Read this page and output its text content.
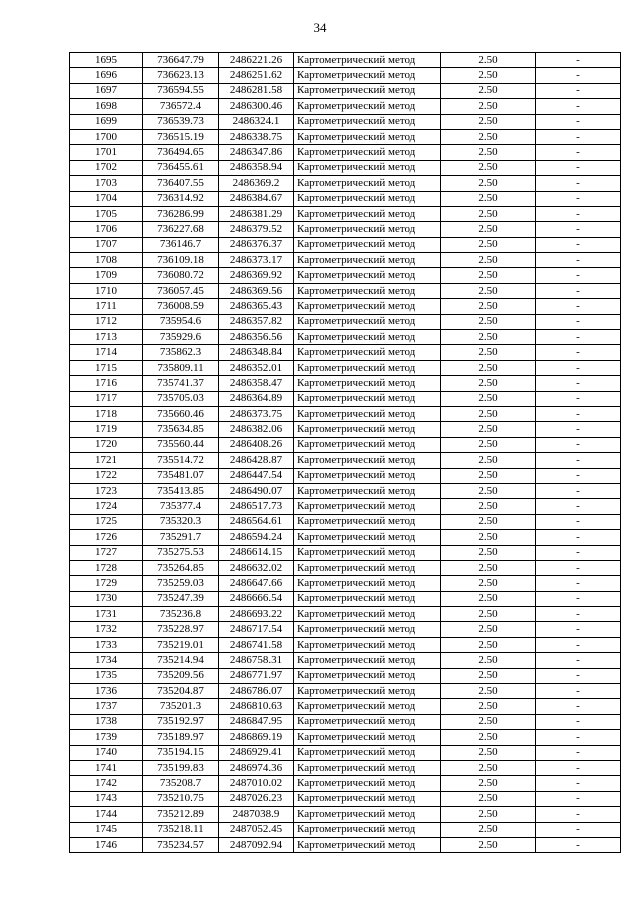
34
1695	736647.79	2486221.26	Картометрический метод	2.50	-
1696	736623.13	2486251.62	Картометрический метод	2.50	-
1697	736594.55	2486281.58	Картометрический метод	2.50	-
1698	736572.4	2486300.46	Картометрический метод	2.50	-
1699	736539.73	2486324.1	Картометрический метод	2.50	-
1700	736515.19	2486338.75	Картометрический метод	2.50	-
1701	736494.65	2486347.86	Картометрический метод	2.50	-
1702	736455.61	2486358.94	Картометрический метод	2.50	-
1703	736407.55	2486369.2	Картометрический метод	2.50	-
1704	736314.92	2486384.67	Картометрический метод	2.50	-
1705	736286.99	2486381.29	Картометрический метод	2.50	-
1706	736227.68	2486379.52	Картометрический метод	2.50	-
1707	736146.7	2486376.37	Картометрический метод	2.50	-
1708	736109.18	2486373.17	Картометрический метод	2.50	-
1709	736080.72	2486369.92	Картометрический метод	2.50	-
1710	736057.45	2486369.56	Картометрический метод	2.50	-
1711	736008.59	2486365.43	Картометрический метод	2.50	-
1712	735954.6	2486357.82	Картометрический метод	2.50	-
1713	735929.6	2486356.56	Картометрический метод	2.50	-
1714	735862.3	2486348.84	Картометрический метод	2.50	-
1715	735809.11	2486352.01	Картометрический метод	2.50	-
1716	735741.37	2486358.47	Картометрический метод	2.50	-
1717	735705.03	2486364.89	Картометрический метод	2.50	-
1718	735660.46	2486373.75	Картометрический метод	2.50	-
1719	735634.85	2486382.06	Картометрический метод	2.50	-
1720	735560.44	2486408.26	Картометрический метод	2.50	-
1721	735514.72	2486428.87	Картометрический метод	2.50	-
1722	735481.07	2486447.54	Картометрический метод	2.50	-
1723	735413.85	2486490.07	Картометрический метод	2.50	-
1724	735377.4	2486517.73	Картометрический метод	2.50	-
1725	735320.3	2486564.61	Картометрический метод	2.50	-
1726	735291.7	2486594.24	Картометрический метод	2.50	-
1727	735275.53	2486614.15	Картометрический метод	2.50	-
1728	735264.85	2486632.02	Картометрический метод	2.50	-
1729	735259.03	2486647.66	Картометрический метод	2.50	-
1730	735247.39	2486666.54	Картометрический метод	2.50	-
1731	735236.8	2486693.22	Картометрический метод	2.50	-
1732	735228.97	2486717.54	Картометрический метод	2.50	-
1733	735219.01	2486741.58	Картометрический метод	2.50	-
1734	735214.94	2486758.31	Картометрический метод	2.50	-
1735	735209.56	2486771.97	Картометрический метод	2.50	-
1736	735204.87	2486786.07	Картометрический метод	2.50	-
1737	735201.3	2486810.63	Картометрический метод	2.50	-
1738	735192.97	2486847.95	Картометрический метод	2.50	-
1739	735189.97	2486869.19	Картометрический метод	2.50	-
1740	735194.15	2486929.41	Картометрический метод	2.50	-
1741	735199.83	2486974.36	Картометрический метод	2.50	-
1742	735208.7	2487010.02	Картометрический метод	2.50	-
1743	735210.75	2487026.23	Картометрический метод	2.50	-
1744	735212.89	2487038.9	Картометрический метод	2.50	-
1745	735218.11	2487052.45	Картометрический метод	2.50	-
1746	735234.57	2487092.94	Картометрический метод	2.50	-
